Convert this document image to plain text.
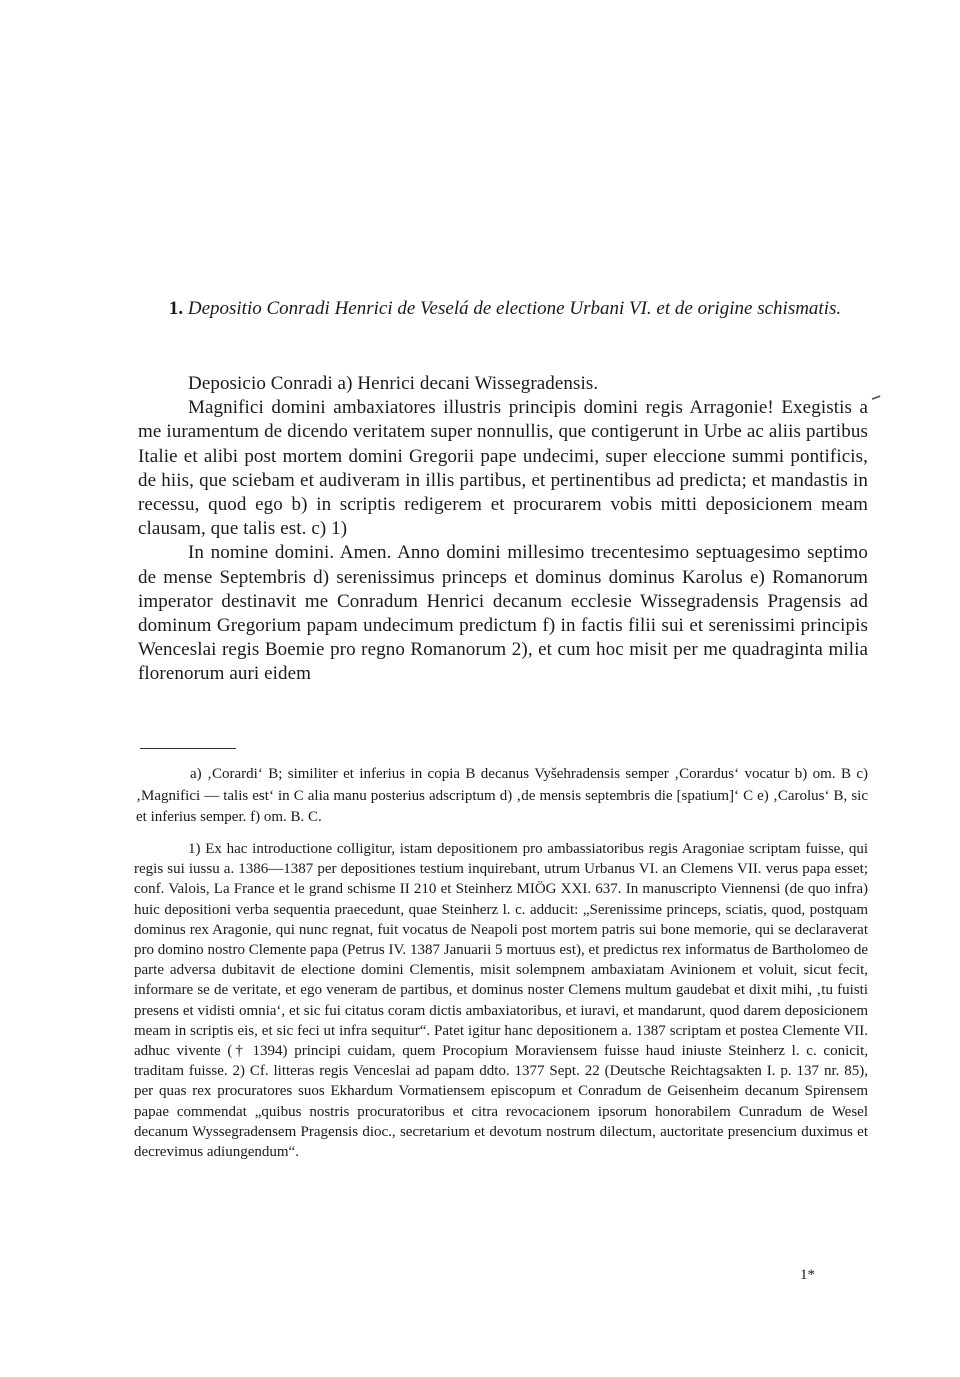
1. Depositio Conradi Henrici de Veselá de electione Urbani VI. et de origine schismatis.

Deposicio Conradi a) Henrici decani Wissegradensis.

Magnifici domini ambaxiatores illustris principis domini regis Arragonie! Exegistis a me iuramentum de dicendo veritatem super nonnullis, que contigerunt in Urbe ac aliis partibus Italie et alibi post mortem domini Gregorii pape undecimi, super eleccione summi pontificis, de hiis, que sciebam et audiveram in illis partibus, et pertinentibus ad predicta; et mandastis in recessu, quod ego b) in scriptis redigerem et procurarem vobis mitti deposicionem meam clausam, que talis est. c) 1)

In nomine domini. Amen. Anno domini millesimo trecentesimo septuagesimo septimo de mense Septembris d) serenissimus princeps et dominus dominus Karolus e) Romanorum imperator destinavit me Conradum Henrici decanum ecclesie Wissegradensis Pragensis ad dominum Gregorium papam undecimum predictum f) in factis filii sui et serenissimi principis Wenceslai regis Boemie pro regno Romanorum 2), et cum hoc misit per me quadraginta milia florenorum auri eidem

a) ‚Corardi‘ B; similiter et inferius in copia B decanus Vyšehradensis semper ‚Corardus‘ vocatur b) om. B c) ‚Magnifici — talis est‘ in C alia manu posterius adscriptum d) ‚de mensis septembris die [spatium]‘ C e) ‚Carolus‘ B, sic et inferius semper. f) om. B. C.

1) Ex hac introductione colligitur, istam depositionem pro ambassiatoribus regis Aragoniae scriptam fuisse, qui regis sui iussu a. 1386—1387 per depositiones testium inquirebant, utrum Urbanus VI. an Clemens VII. verus papa esset; conf. Valois, La France et le grand schisme II 210 et Steinherz MIÖG XXI. 637. In manuscripto Viennensi (de quo infra) huic depositioni verba sequentia praecedunt, quae Steinherz l. c. adducit: „Serenissime princeps, sciatis, quod, postquam dominus rex Aragonie, qui nunc regnat, fuit vocatus de Neapoli post mortem patris sui bone memorie, qui se declaraverat pro domino nostro Clemente papa (Petrus IV. 1387 Januarii 5 mortuus est), et predictus rex informatus de Bartholomeo de parte adversa dubitavit de electione domini Clementis, misit solempnem ambaxiatam Avinionem et voluit, sicut fecit, informare se de veritate, et ego veneram de partibus, et dominus noster Clemens multum gaudebat et dixit mihi, ‚tu fuisti presens et vidisti omnia‘, et sic fui citatus coram dictis ambaxiatoribus, et iuravi, et mandarunt, quod darem deposicionem meam in scriptis eis, et sic feci ut infra sequitur“. Patet igitur hanc depositionem a. 1387 scriptam et postea Clemente VII. adhuc vivente († 1394) principi cuidam, quem Procopium Moraviensem fuisse haud iniuste Steinherz l. c. conicit, traditam fuisse. 2) Cf. litteras regis Venceslai ad papam ddto. 1377 Sept. 22 (Deutsche Reichtagsakten I. p. 137 nr. 85), per quas rex procuratores suos Ekhardum Vormatiensem episcopum et Conradum de Geisenheim decanum Spirensem papae commendat „quibus nostris procuratoribus et citra revocacionem ipsorum honorabilem Cunradum de Wesel decanum Wyssegradensem Pragensis dioc., secretarium et devotum nostrum dilectum, auctoritate presencium duximus et decrevimus adiungendum“.

1*
▁
